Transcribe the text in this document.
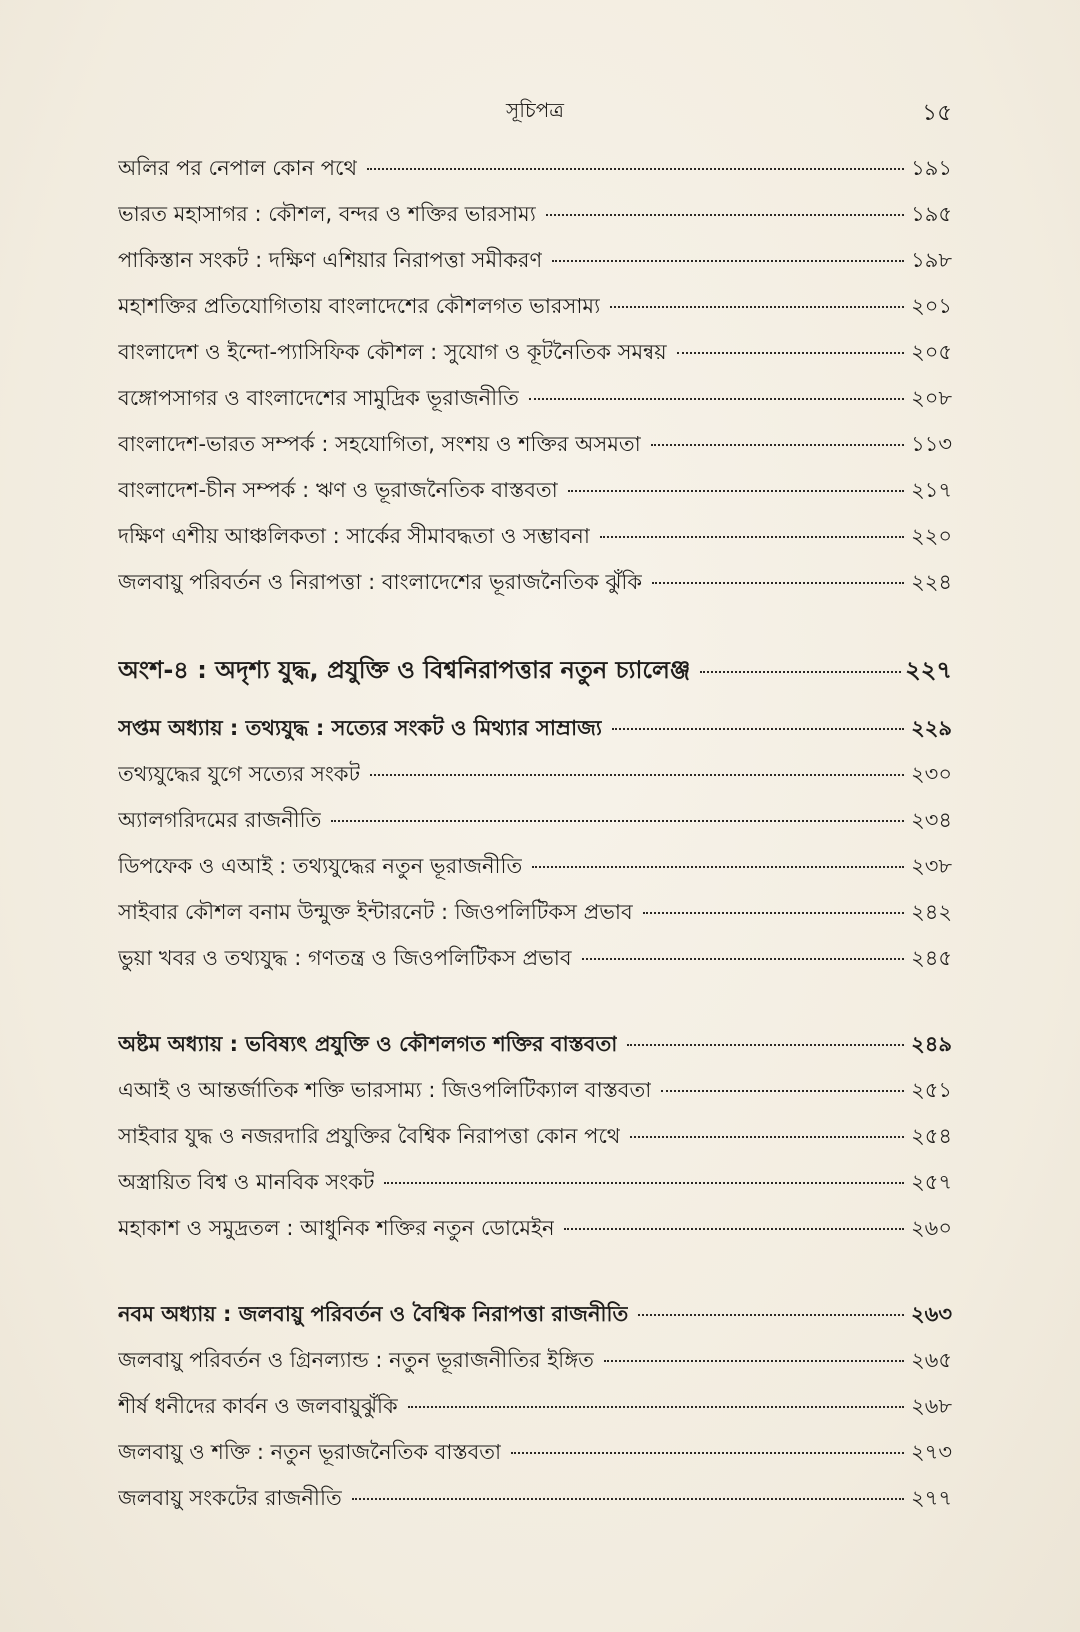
সূচিপত্র	১৫
অলির পর নেপাল কোন পথে	১৯১
ভারত মহাসাগর : কৌশল, বন্দর ও শক্তির ভারসাম্য	১৯৫
পাকিস্তান সংকট : দক্ষিণ এশিয়ার নিরাপত্তা সমীকরণ	১৯৮
মহাশক্তির প্রতিযোগিতায় বাংলাদেশের কৌশলগত ভারসাম্য	২০১
বাংলাদেশ ও ইন্দো-প্যাসিফিক কৌশল : সুযোগ ও কূটনৈতিক সমন্বয়	২০৫
বঙ্গোপসাগর ও বাংলাদেশের সামুদ্রিক ভূরাজনীতি	২০৮
বাংলাদেশ-ভারত সম্পর্ক : সহযোগিতা, সংশয় ও শক্তির অসমতা	১১৩
বাংলাদেশ-চীন সম্পর্ক : ঋণ ও ভূরাজনৈতিক বাস্তবতা	২১৭
দক্ষিণ এশীয় আঞ্চলিকতা : সার্কের সীমাবদ্ধতা ও সম্ভাবনা	২২০
জলবায়ু পরিবর্তন ও নিরাপত্তা : বাংলাদেশের ভূরাজনৈতিক ঝুঁকি	২২৪
অংশ-৪ : অদৃশ্য যুদ্ধ, প্রযুক্তি ও বিশ্বনিরাপত্তার নতুন চ্যালেঞ্জ	২২৭
সপ্তম অধ্যায় : তথ্যযুদ্ধ : সত্যের সংকট ও মিথ্যার সাম্রাজ্য	২২৯
তথ্যযুদ্ধের যুগে সত্যের সংকট	২৩০
অ্যালগরিদমের রাজনীতি	২৩৪
ডিপফেক ও এআই : তথ্যযুদ্ধের নতুন ভূরাজনীতি	২৩৮
সাইবার কৌশল বনাম উন্মুক্ত ইন্টারনেট : জিওপলিটিকস প্রভাব	২৪২
ভুয়া খবর ও তথ্যযুদ্ধ : গণতন্ত্র ও জিওপলিটিকস প্রভাব	২৪৫
অষ্টম অধ্যায় : ভবিষ্যৎ প্রযুক্তি ও কৌশলগত শক্তির বাস্তবতা	২৪৯
এআই ও আন্তর্জাতিক শক্তি ভারসাম্য : জিওপলিটিক্যাল বাস্তবতা	২৫১
সাইবার যুদ্ধ ও নজরদারি প্রযুক্তির বৈশ্বিক নিরাপত্তা কোন পথে	২৫৪
অস্ত্রায়িত বিশ্ব ও মানবিক সংকট	২৫৭
মহাকাশ ও সমুদ্রতল : আধুনিক শক্তির নতুন ডোমেইন	২৬০
নবম অধ্যায় : জলবায়ু পরিবর্তন ও বৈশ্বিক নিরাপত্তা রাজনীতি	২৬৩
জলবায়ু পরিবর্তন ও গ্রিনল্যান্ড : নতুন ভূরাজনীতির ইঙ্গিত	২৬৫
শীর্ষ ধনীদের কার্বন ও জলবায়ুঝুঁকি	২৬৮
জলবায়ু ও শক্তি : নতুন ভূরাজনৈতিক বাস্তবতা	২৭৩
জলবায়ু সংকটের রাজনীতি	২৭৭
